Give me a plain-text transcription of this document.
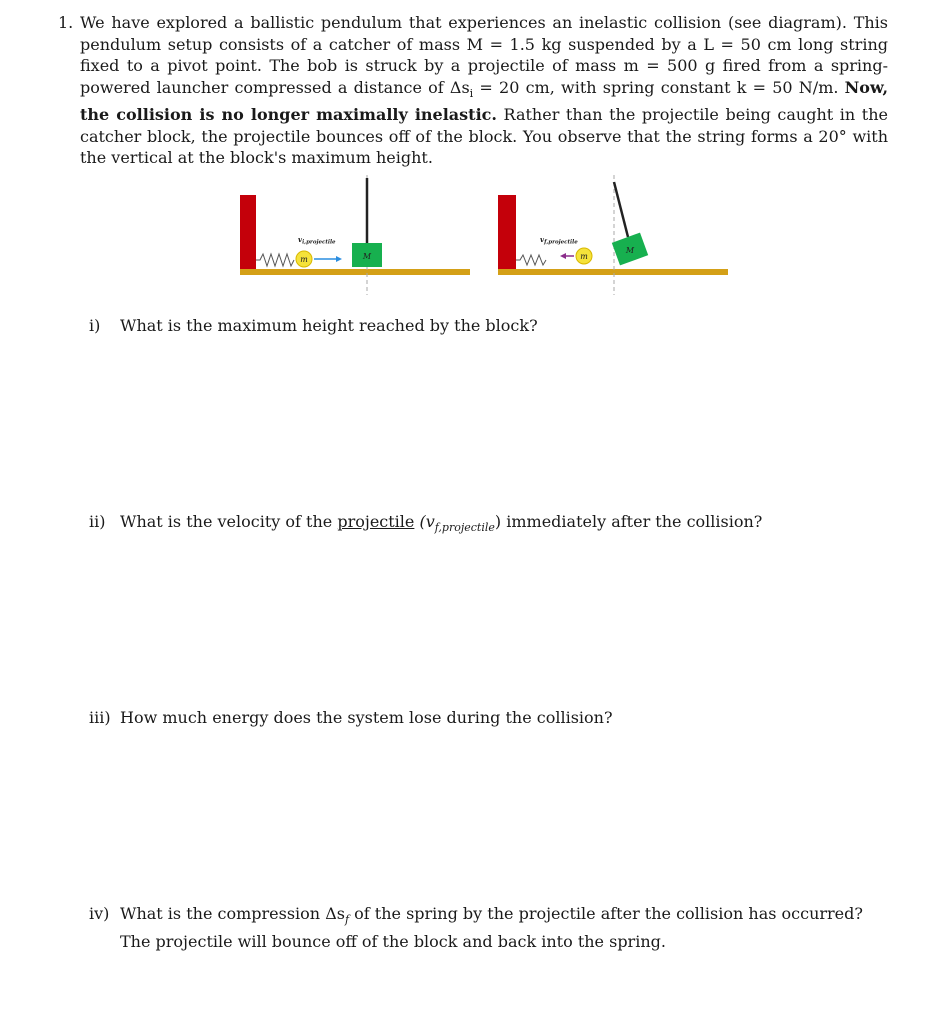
1. We have explored a ballistic pendulum that experiences an inelastic collision (see diagram). This pendulum setup consists of a catcher of mass M = 1.5 kg suspended by a L = 50 cm long string fixed to a pivot point. The bob is struck by a projectile of mass m = 500 g fired from a spring-powered launcher compressed a distance of $\Delta s_i = 20$ cm, with spring constant k = 50 N/m. Now, the collision is no longer maximally inelastic. Rather than the projectile being caught in the catcher block, the projectile bounces off of the block. You observe that the string forms a 20° with the vertical at the block's maximum height.
M
m
$v_{i,projectile}$
M
m
$v_{f,projectile}$
i) What is the maximum height reached by the block?
ii) What is the velocity of the projectile $(v_{f,projectile})$ immediately after the collision?
iii) How much energy does the system lose during the collision?
iv) What is the compression $\Delta s_f$ of the spring by the projectile after the collision has occurred? The projectile will bounce off of the block and back into the spring.
